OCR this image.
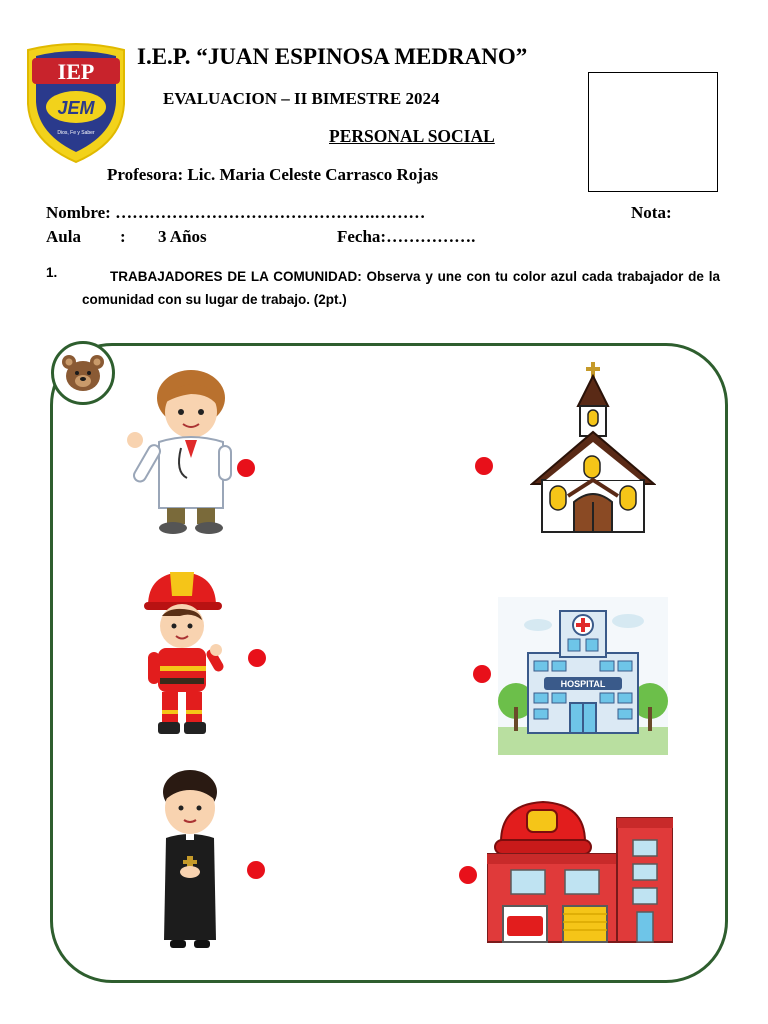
IEP
JEM
Dios, Fe y Saber
I.E.P. “JUAN ESPINOSA MEDRANO”
EVALUACION – II BIMESTRE 2024
PERSONAL SOCIAL
Profesora: Lic. Maria Celeste Carrasco Rojas
Nombre: ……………………………………….………	Nota:
Aula : 3 Años	Fecha:…………….
1.	TRABAJADORES DE LA COMUNIDAD: Observa y une con tu color azul cada trabajador de la comunidad con su lugar de trabajo. (2pt.)
HOSPITAL
